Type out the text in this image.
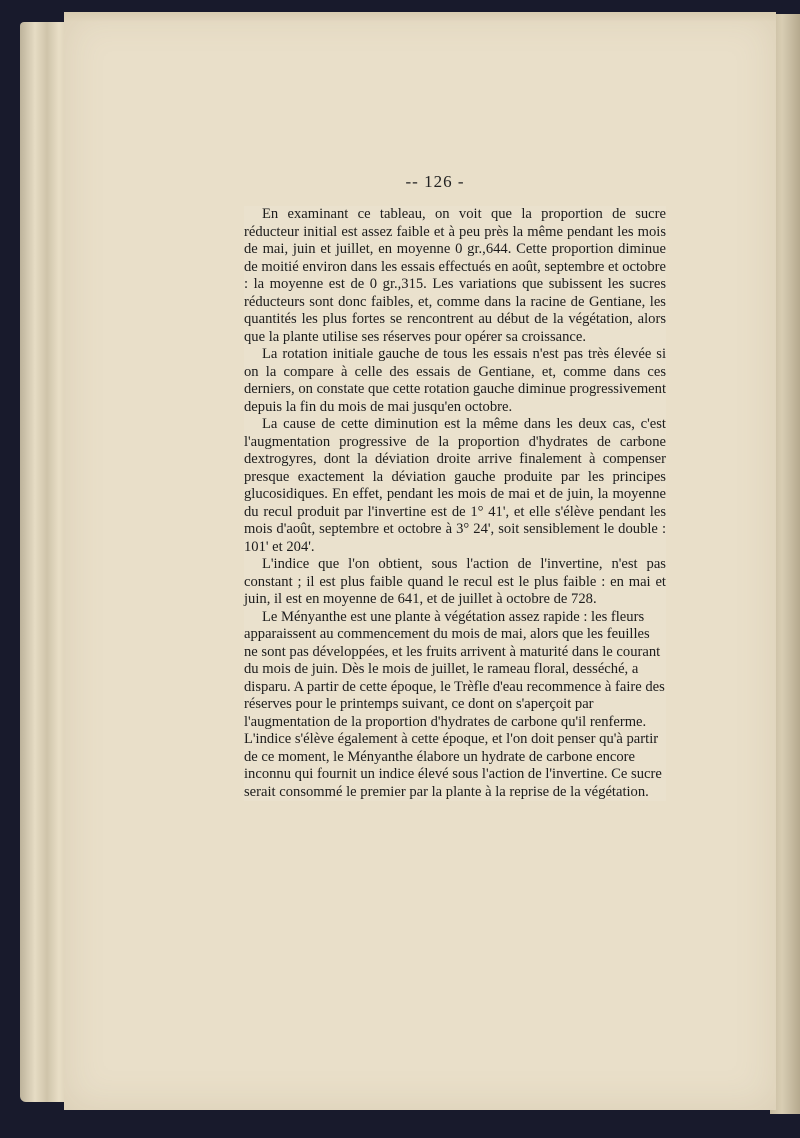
-- 126 -

En examinant ce tableau, on voit que la proportion de sucre réducteur initial est assez faible et à peu près la même pendant les mois de mai, juin et juillet, en moyenne 0 gr.,644. Cette proportion diminue de moitié environ dans les essais effectués en août, septembre et octobre : la moyenne est de 0 gr.,315. Les variations que subissent les sucres réducteurs sont donc faibles, et, comme dans la racine de Gentiane, les quantités les plus fortes se rencontrent au début de la végétation, alors que la plante utilise ses réserves pour opérer sa croissance.

La rotation initiale gauche de tous les essais n'est pas très élevée si on la compare à celle des essais de Gentiane, et, comme dans ces derniers, on constate que cette rotation gauche diminue progressivement depuis la fin du mois de mai jusqu'en octobre.

La cause de cette diminution est la même dans les deux cas, c'est l'augmentation progressive de la proportion d'hydrates de carbone dextrogyres, dont la déviation droite arrive finalement à compenser presque exactement la déviation gauche produite par les principes glucosidiques. En effet, pendant les mois de mai et de juin, la moyenne du recul produit par l'invertine est de 1° 41', et elle s'élève pendant les mois d'août, septembre et octobre à 3° 24', soit sensiblement le double : 101' et 204'.

L'indice que l'on obtient, sous l'action de l'invertine, n'est pas constant ; il est plus faible quand le recul est le plus faible : en mai et juin, il est en moyenne de 641, et de juillet à octobre de 728.

Le Ményanthe est une plante à végétation assez rapide : les fleurs apparaissent au commencement du mois de mai, alors que les feuilles ne sont pas développées, et les fruits arrivent à maturité dans le courant du mois de juin. Dès le mois de juillet, le rameau floral, desséché, a disparu. A partir de cette époque, le Trèfle d'eau recommence à faire des réserves pour le printemps suivant, ce dont on s'aperçoit par l'augmentation de la proportion d'hydrates de carbone qu'il renferme. L'indice s'élève également à cette époque, et l'on doit penser qu'à partir de ce moment, le Ményanthe élabore un hydrate de carbone encore inconnu qui fournit un indice élevé sous l'action de l'invertine. Ce sucre serait consommé le premier par la plante à la reprise de la végétation.
